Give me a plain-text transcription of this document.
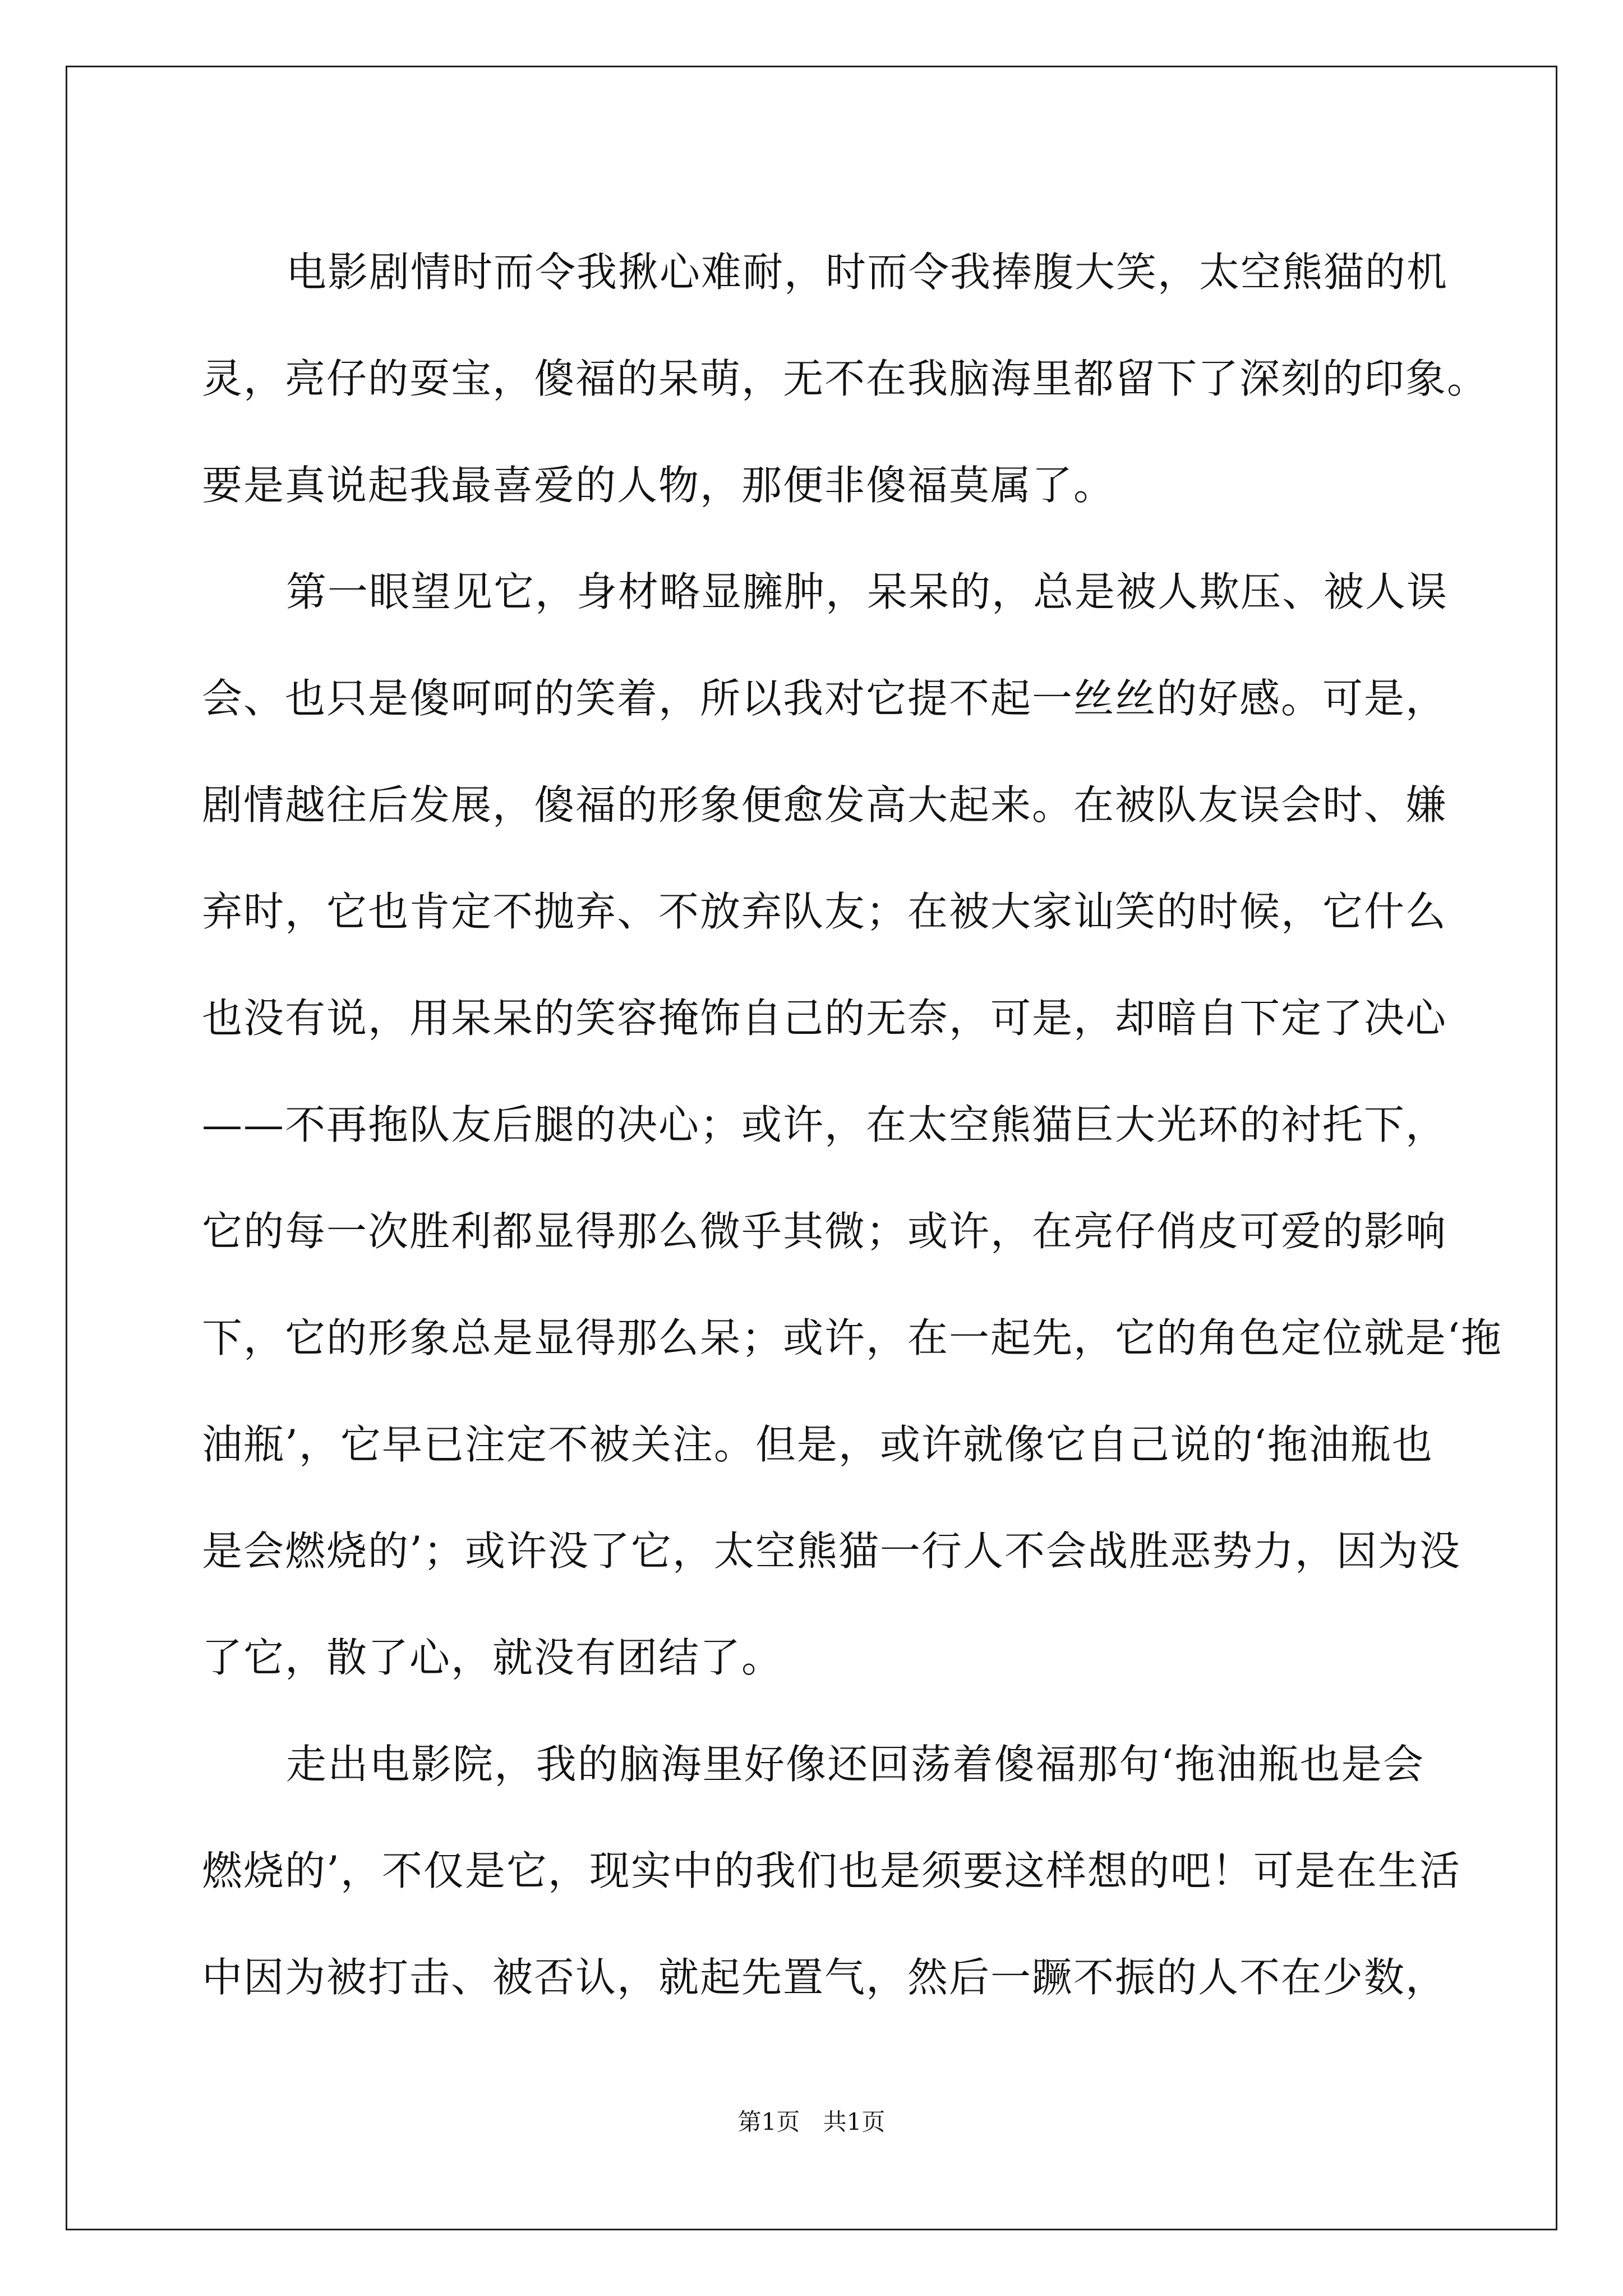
电影剧情时而令我揪心难耐，时而令我捧腹大笑，太空熊猫的机
灵，亮仔的耍宝，傻福的呆萌，无不在我脑海里都留下了深刻的印象。
要是真说起我最喜爱的人物，那便非傻福莫属了。

第一眼望见它，身材略显臃肿，呆呆的，总是被人欺压、被人误
会、也只是傻呵呵的笑着，所以我对它提不起一丝丝的好感。可是，
剧情越往后发展，傻福的形象便愈发高大起来。在被队友误会时、嫌
弃时，它也肯定不抛弃、不放弃队友；在被大家讪笑的时候，它什么
也没有说，用呆呆的笑容掩饰自己的无奈，可是，却暗自下定了决心
——不再拖队友后腿的决心；或许，在太空熊猫巨大光环的衬托下，
它的每一次胜利都显得那么微乎其微；或许，在亮仔俏皮可爱的影响
下，它的形象总是显得那么呆；或许，在一起先，它的角色定位就是‘拖
油瓶’，它早已注定不被关注。但是，或许就像它自己说的‘拖油瓶也
是会燃烧的’；或许没了它，太空熊猫一行人不会战胜恶势力，因为没
了它，散了心，就没有团结了。

走出电影院，我的脑海里好像还回荡着傻福那句‘拖油瓶也是会
燃烧的’，不仅是它，现实中的我们也是须要这样想的吧！可是在生活
中因为被打击、被否认，就起先置气，然后一蹶不振的人不在少数，

第1页 共1页
